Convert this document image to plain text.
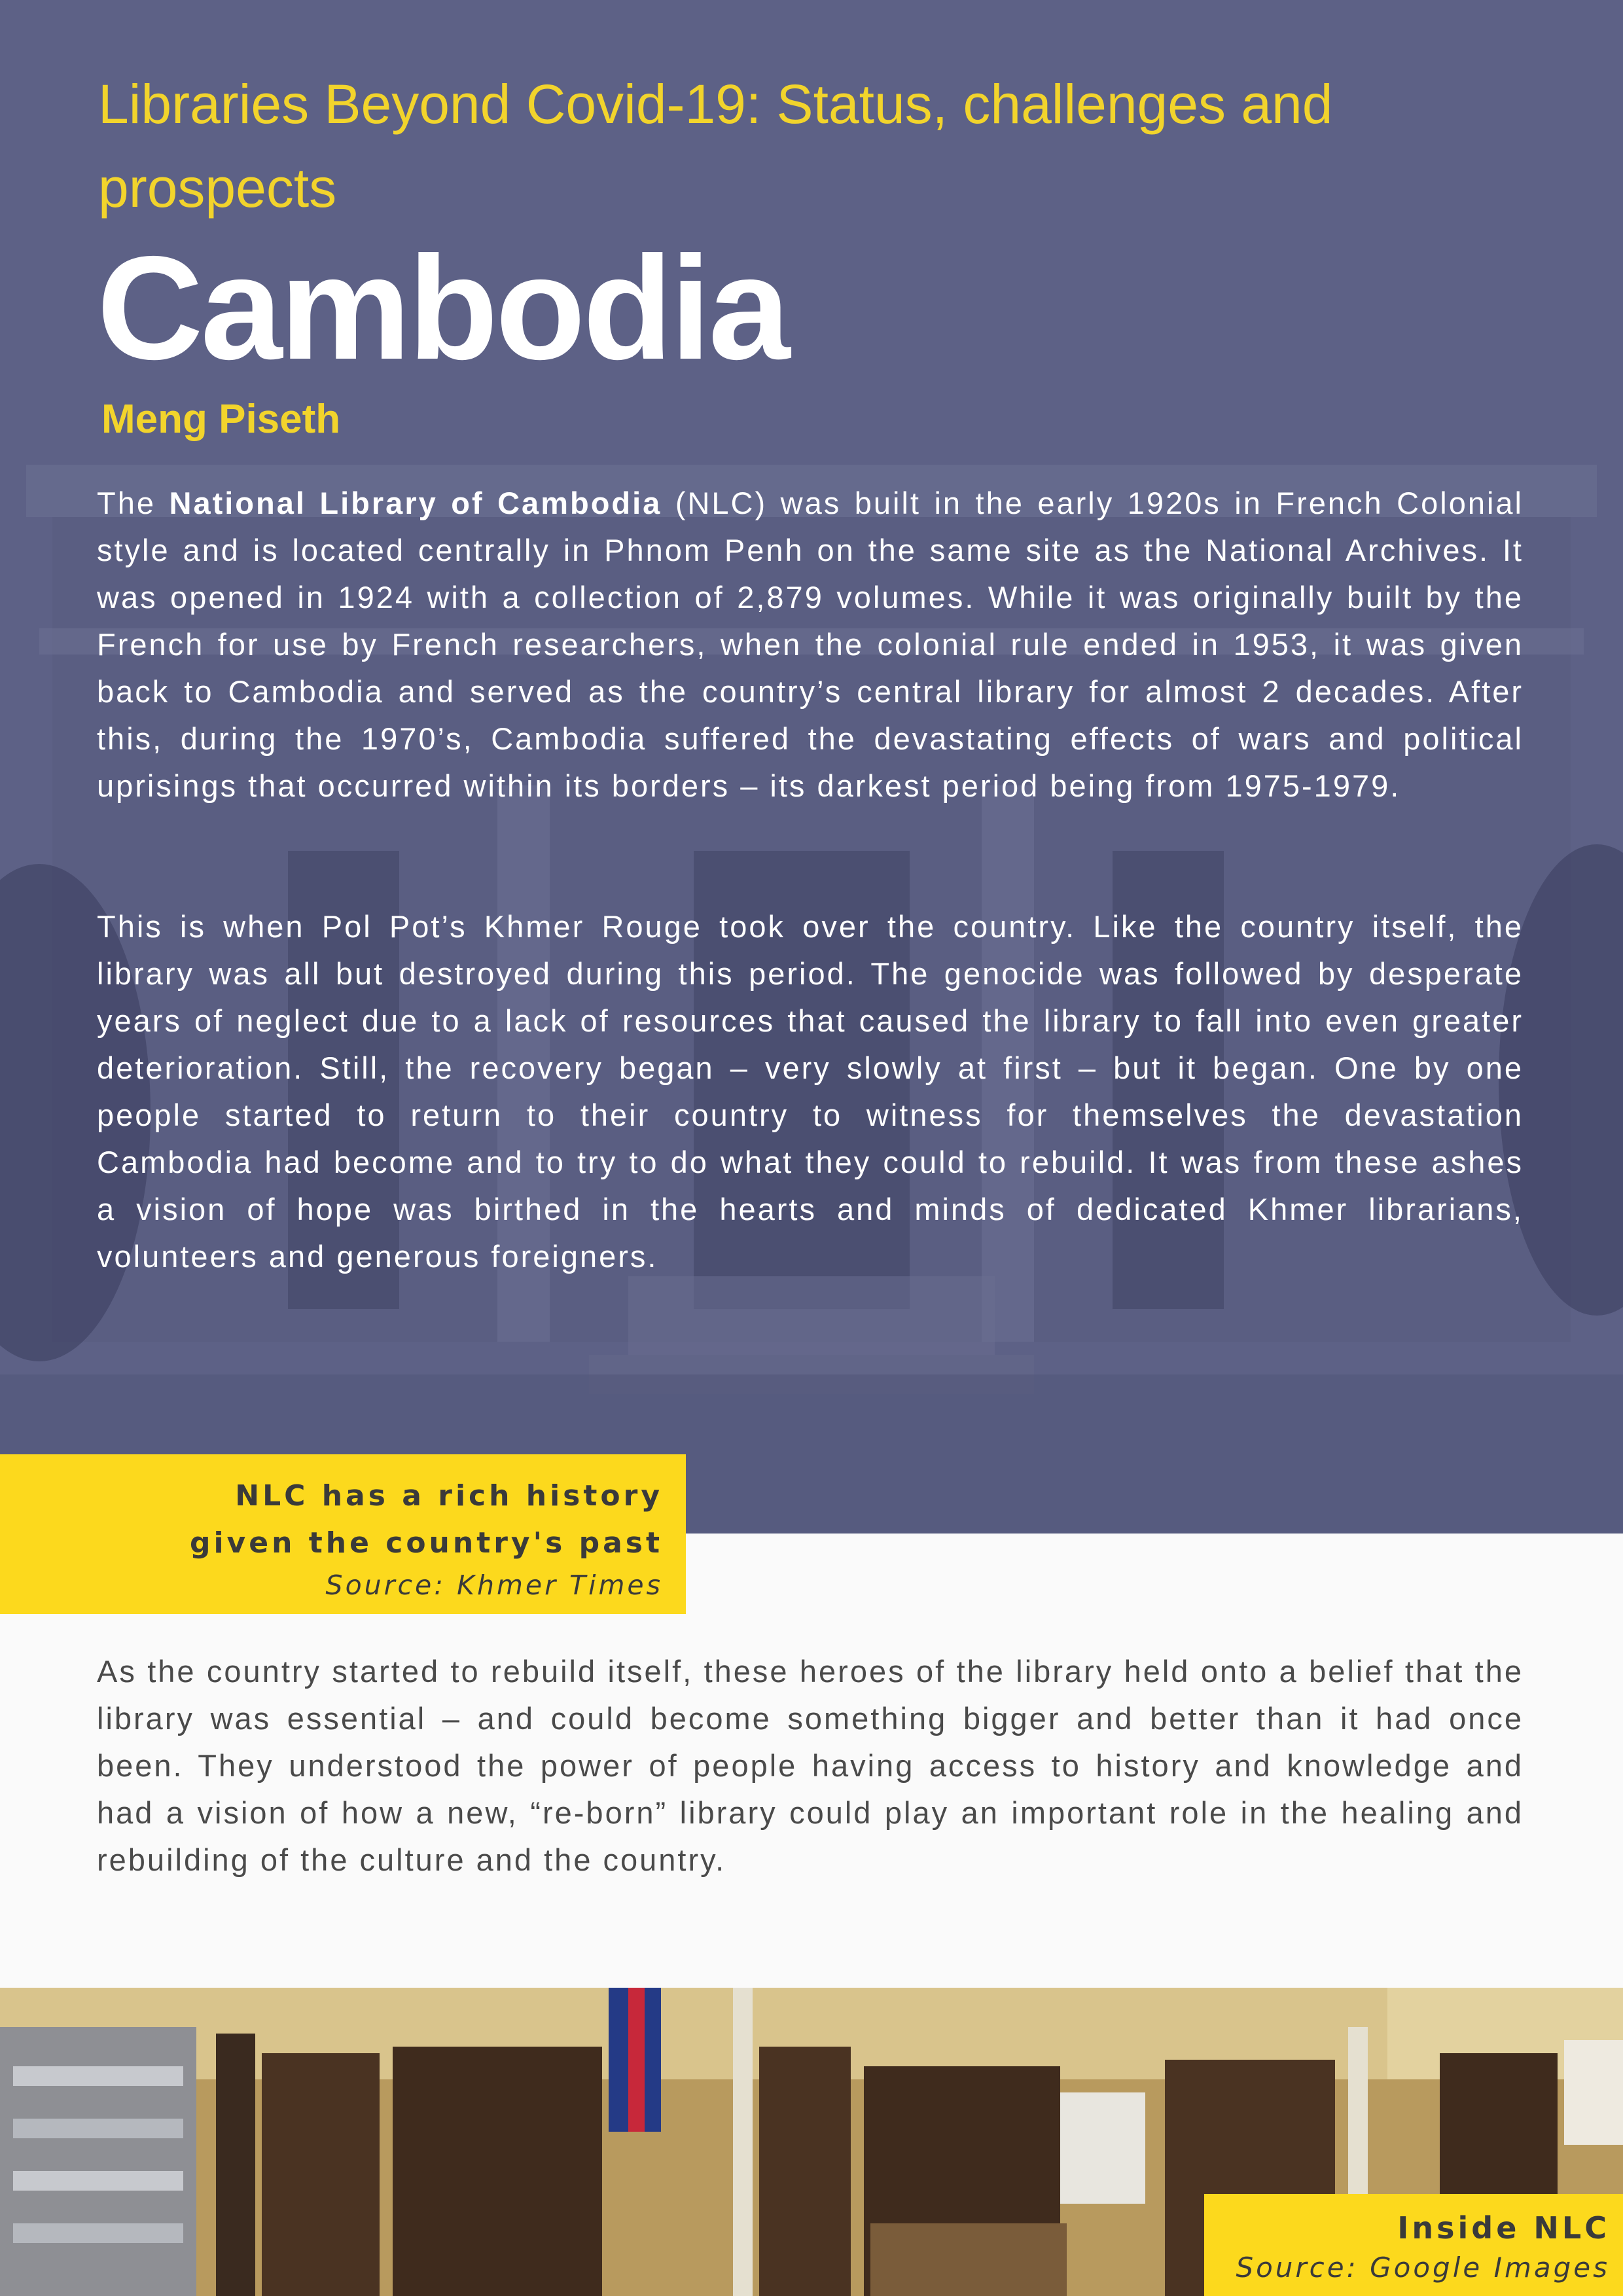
Libraries Beyond Covid-19: Status, challenges and prospects
Cambodia
Meng Piseth
The National Library of Cambodia (NLC) was built in the early 1920s in French Colonial style and is located centrally in Phnom Penh on the same site as the National Archives. It was opened in 1924 with a collection of 2,879 volumes. While it was originally built by the French for use by French researchers, when the colonial rule ended in 1953, it was given back to Cambodia and served as the country’s central library for almost 2 decades. After this, during the 1970’s, Cambodia suffered the devastating effects of wars and political uprisings that occurred within its borders – its darkest period being from 1975-1979.
This is when Pol Pot’s Khmer Rouge took over the country. Like the country itself, the library was all but destroyed during this period. The genocide was followed by desperate years of neglect due to a lack of resources that caused the library to fall into even greater deterioration. Still, the recovery began – very slowly at first – but it began. One by one people started to return to their country to witness for themselves the devastation Cambodia had become and to try to do what they could to rebuild. It was from these ashes a vision of hope was birthed in the hearts and minds of dedicated Khmer librarians, volunteers and generous foreigners.
NLC has a rich history given the country's past
Source: Khmer Times
As the country started to rebuild itself, these heroes of the library held onto a belief that the library was essential – and could become something bigger and better than it had once been. They understood the power of people having access to history and knowledge and had a vision of how a new, “re-born” library could play an important role in the healing and rebuilding of the culture and the country.
Inside NLC
Source: Google Images
